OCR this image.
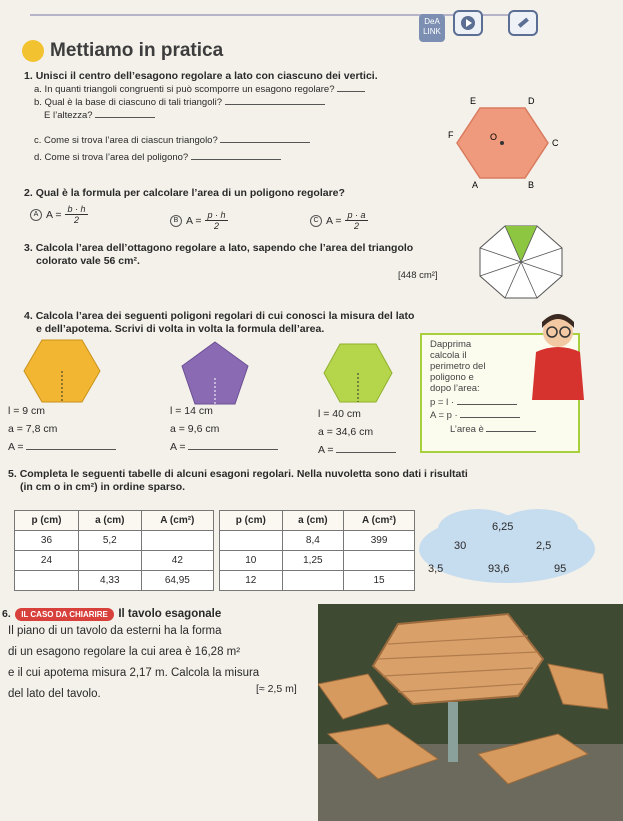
DeA LINK
Mettiamo in pratica
1. Unisci il centro dell’esagono regolare a lato con ciascuno dei vertici.
a. In quanti triangoli congruenti si può scomporre un esagono regolare?
b. Qual è la base di ciascuno di tali triangoli?
E l’altezza?
c. Come si trova l’area di ciascun triangolo?
d. Come si trova l’area del poligono?
E	D
F
C
A	B
O
2. Qual è la formula per calcolare l’area di un poligono regolare?
A $A = \frac{b \cdot h}{2}$	B $A = \frac{p \cdot h}{2}$	C $A = \frac{p \cdot a}{2}$
3. Calcola l’area dell’ottagono regolare a lato, sapendo che l’area del triangolo
colorato vale 56 cm².
[448 cm²]
4. Calcola l’area dei seguenti poligoni regolari di cui conosci la misura del lato
e dell’apotema. Scrivi di volta in volta la formula dell’area.
l = 9 cm
a = 7,8 cm
A =
l = 14 cm
a = 9,6 cm
A =
l = 40 cm
a = 34,6 cm
A =
Dapprima
calcola il
perimetro del
poligono e
dopo l’area:
p = l ·
A = p ·
L’area è
5. Completa le seguenti tabelle di alcuni esagoni regolari. Nella nuvoletta sono dati i risultati
(in cm o in cm²) in ordine sparso.
p (cm)	a (cm)	A (cm²)
36	5,2	
24		42
	4,33	64,95
p (cm)	a (cm)	A (cm²)
	8,4	399
10	1,25	
12		15
6,25
30	2,5
3,5	93,6	95
6. IL CASO DA CHIARIRE Il tavolo esagonale
Il piano di un tavolo da esterni ha la forma
di un esagono regolare la cui area è 16,28 m²
e il cui apotema misura 2,17 m. Calcola la misura
del lato del tavolo.	[≈ 2,5 m]
